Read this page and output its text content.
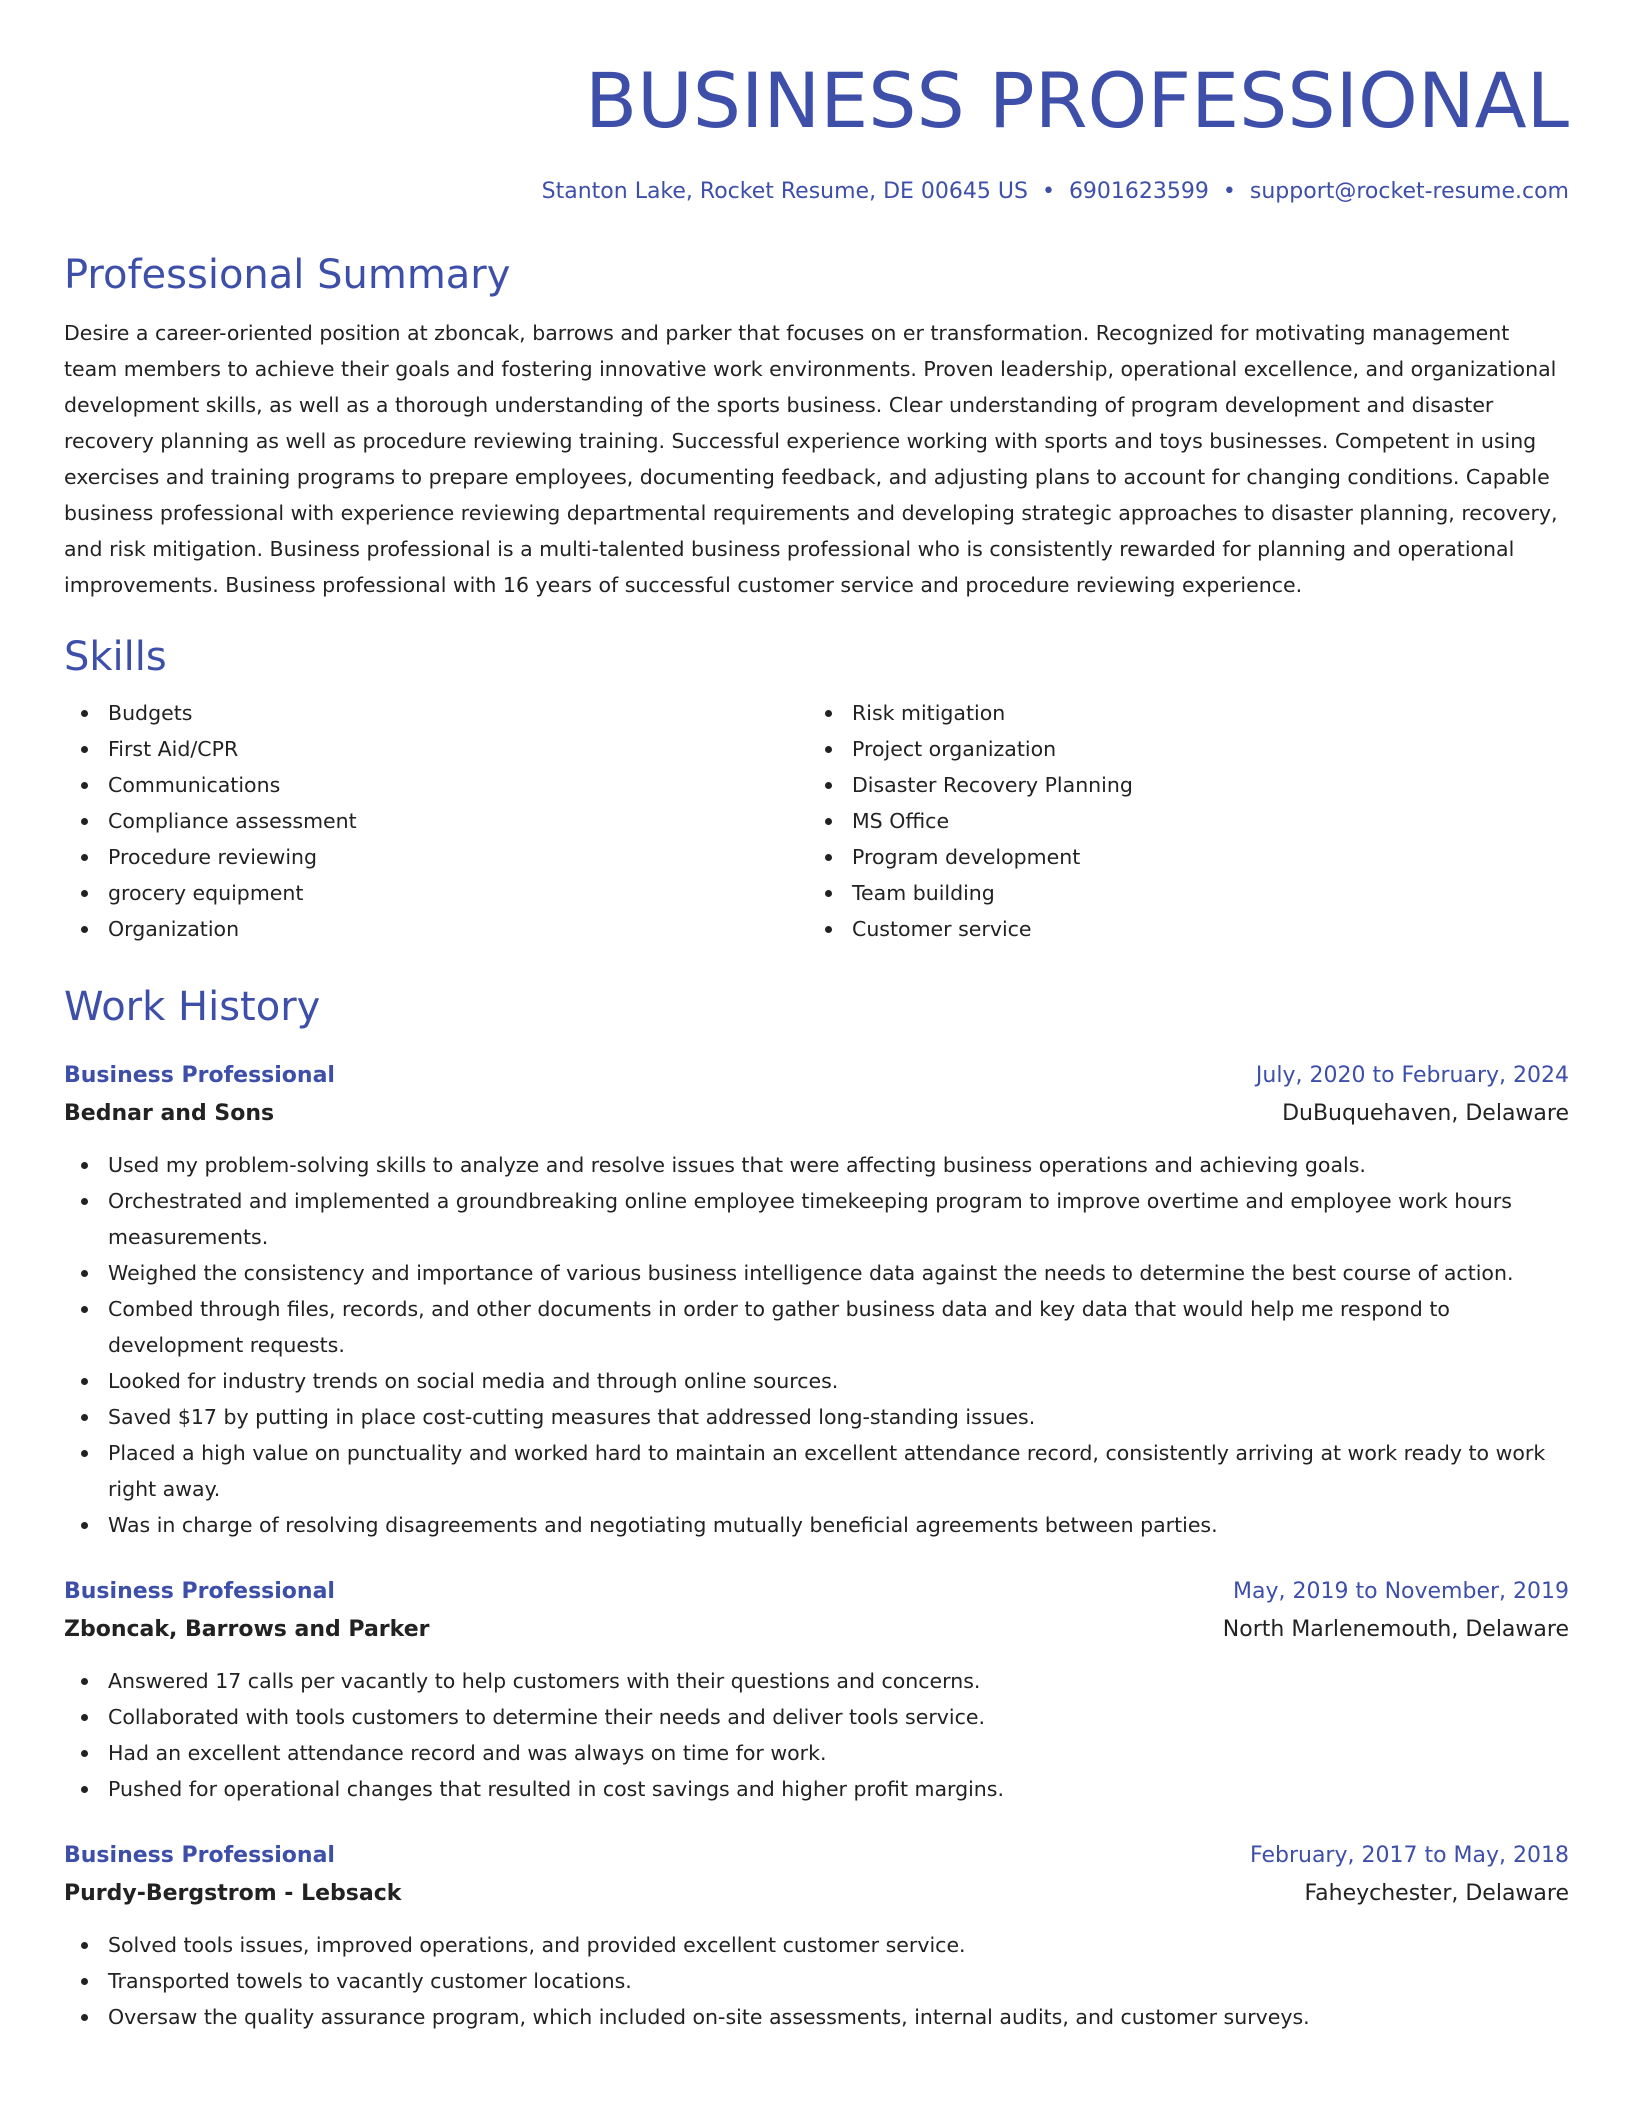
BUSINESS PROFESSIONAL
Stanton Lake, Rocket Resume, DE 00645 US • 6901623599 • support@rocket-resume.com
Professional Summary

Desire a career-oriented position at zboncak, barrows and parker that focuses on er transformation. Recognized for motivating management team members to achieve their goals and fostering innovative work environments. Proven leadership, operational excellence, and organizational development skills, as well as a thorough understanding of the sports business. Clear understanding of program development and disaster recovery planning as well as procedure reviewing training. Successful experience working with sports and toys businesses. Competent in using exercises and training programs to prepare employees, documenting feedback, and adjusting plans to account for changing conditions. Capable business professional with experience reviewing departmental requirements and developing strategic approaches to disaster planning, recovery, and risk mitigation. Business professional is a multi-talented business professional who is consistently rewarded for planning and operational improvements. Business professional with 16 years of successful customer service and procedure reviewing experience.

Skills
Budgets
First Aid/CPR
Communications
Compliance assessment
Procedure reviewing
grocery equipment
Organization
Risk mitigation
Project organization
Disaster Recovery Planning
MS Office
Program development
Team building
Customer service
Work History
Business Professional	July, 2020 to February, 2024
Bednar and Sons	DuBuquehaven, Delaware
Used my problem-solving skills to analyze and resolve issues that were affecting business operations and achieving goals.
Orchestrated and implemented a groundbreaking online employee timekeeping program to improve overtime and employee work hours measurements.
Weighed the consistency and importance of various business intelligence data against the needs to determine the best course of action.
Combed through files, records, and other documents in order to gather business data and key data that would help me respond to development requests.
Looked for industry trends on social media and through online sources.
Saved $17 by putting in place cost-cutting measures that addressed long-standing issues.
Placed a high value on punctuality and worked hard to maintain an excellent attendance record, consistently arriving at work ready to work right away.
Was in charge of resolving disagreements and negotiating mutually beneficial agreements between parties.
Business Professional	May, 2019 to November, 2019
Zboncak, Barrows and Parker	North Marlenemouth, Delaware
Answered 17 calls per vacantly to help customers with their questions and concerns.
Collaborated with tools customers to determine their needs and deliver tools service.
Had an excellent attendance record and was always on time for work.
Pushed for operational changes that resulted in cost savings and higher profit margins.
Business Professional	February, 2017 to May, 2018
Purdy-Bergstrom - Lebsack	Faheychester, Delaware
Solved tools issues, improved operations, and provided excellent customer service.
Transported towels to vacantly customer locations.
Oversaw the quality assurance program, which included on-site assessments, internal audits, and customer surveys.
